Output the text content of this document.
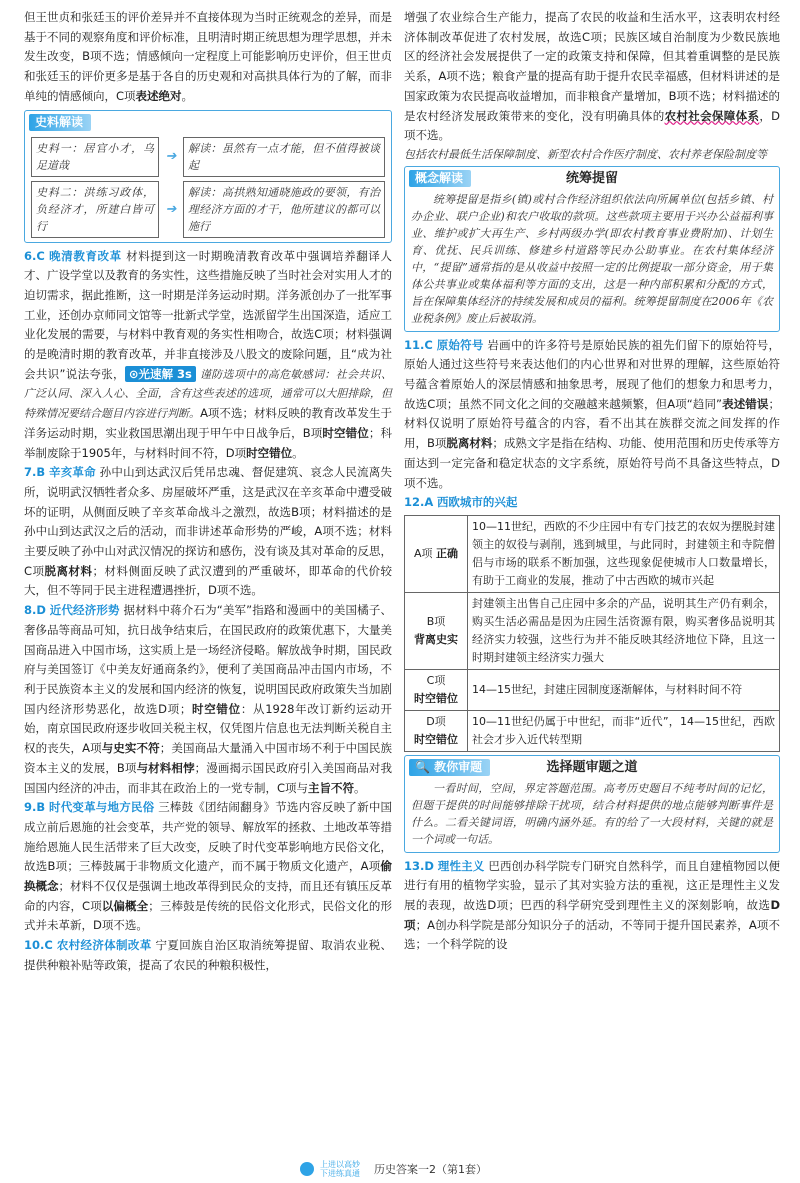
但王世贞和张廷玉的评价差异并不直接体现为当时正统观念的差异，而是基于不同的观察角度和评价标准，且明清时期正统思想为理学思想，并未发生改变，B项不选；情感倾向一定程度上可能影响历史评价，但王世贞和张廷玉的评价更多是基于各自的历史观和对高拱具体行为的了解，而非单纯的情感倾向，C项表述绝对。

史料解读
史料一：居官小才，乌足道哉
➔
解读：虽然有一点才能，但不值得被谈起
史料二：洪练习政体，负经济才，所建白皆可行
➔
解读：高拱熟知通晓施政的要领，有治理经济方面的才干，他所建议的都可以施行

6.C 晚清教育改革 材料提到这一时期晚清教育改革中强调培养翻译人才、广设学堂以及教育的务实性，这些措施反映了当时社会对实用人才的迫切需求，据此推断，这一时期是洋务运动时期。洋务派创办了一批军事工业，还创办京师同文馆等一批新式学堂，选派留学生出国深造，适应工业化发展的需要，与材料中教育观的务实性相吻合，故选C项；材料强调的是晚清时期的教育改革，并非直接涉及八股文的废除问题，且“成为社会共识”说法夸张， ⊙光速解 3s 谨防选项中的高危敏感词：社会共识、广泛认同、深入人心、全面，含有这些表述的选项，通常可以大胆排除，但特殊情况要结合题目内容进行判断。A项不选；材料反映的教育改革发生于洋务运动时期，实业救国思潮出现于甲午中日战争后，B项时空错位；科举制废除于1905年，与材料时间不符，D项时空错位。

7.B 辛亥革命 孙中山到达武汉后凭吊忠魂、督促建筑、哀念人民流离失所，说明武汉牺牲者众多、房屋破坏严重，这是武汉在辛亥革命中遭受破坏的证明，从侧面反映了辛亥革命战斗之激烈，故选B项；材料描述的是孙中山到达武汉之后的活动，而非讲述革命形势的严峻，A项不选；材料主要反映了孙中山对武汉情况的探访和感伤，没有谈及其对革命的反思，C项脱离材料；材料侧面反映了武汉遭到的严重破坏，即革命的代价较大，但不等同于民主进程遭遇挫折，D项不选。

8.D 近代经济形势 据材料中蒋介石为“美军”指路和漫画中的美国橘子、奢侈品等商品可知，抗日战争结束后，在国民政府的政策优惠下，大量美国商品进入中国市场，这实质上是一场经济侵略。解放战争时期，国民政府与美国签订《中美友好通商条约》，便利了美国商品冲击国内市场，不利于民族资本主义的发展和国内经济的恢复，说明国民政府政策失当加剧国内经济形势恶化，故选D项；时空错位：从1928年改订新约运动开始，南京国民政府逐步收回关税主权，仅凭图片信息也无法判断关税自主权的丧失，A项与史实不符；美国商品大量涌入中国市场不利于中国民族资本主义的发展，B项与材料相悖；漫画揭示国民政府引入美国商品对我国国内经济的冲击，而非其在政治上的一党专制，C项与主旨不符。

9.B 时代变革与地方民俗 三棒鼓《团结闹翻身》节选内容反映了新中国成立前后恩施的社会变革，共产党的领导、解放军的拯救、土地改革等措施给恩施人民生活带来了巨大改变，反映了时代变革影响地方民俗文化，故选B项；三棒鼓属于非物质文化遗产，而不属于物质文化遗产，A项偷换概念；材料不仅仅是强调土地改革得到民众的支持，而且还有镇压反革命的内容，C项以偏概全；三棒鼓是传统的民俗文化形式，民俗文化的形式并未革新，D项不选。

10.C 农村经济体制改革 宁夏回族自治区取消统筹提留、取消农业税、提供种粮补贴等政策，提高了农民的种粮积极性，

增强了农业综合生产能力，提高了农民的收益和生活水平，这表明农村经济体制改革促进了农村发展，故选C项；民族区域自治制度为少数民族地区的经济社会发展提供了一定的政策支持和保障，但其着重调整的是民族关系，A项不选；粮食产量的提高有助于提升农民幸福感，但材料讲述的是国家政策为农民提高收益增加，而非粮食产量增加，B项不选；材料描述的是农村经济发展政策带来的变化，没有明确具体的农村社会保障体系，D项不选。

包括农村最低生活保障制度、新型农村合作医疗制度、农村养老保险制度等

概念解读	统筹提留
统筹提留是指乡(镇)或村合作经济组织依法向所属单位(包括乡镇、村办企业、联户企业)和农户收取的款项。这些款项主要用于兴办公益福利事业、维护或扩大再生产、乡村两级办学(即农村教育事业费附加)、计划生育、优抚、民兵训练、修建乡村道路等民办公助事业。在农村集体经济中，“提留”通常指的是从收益中按照一定的比例提取一部分资金，用于集体公共事业或集体福利等方面的支出，这是一种内部积累和分配的方式，旨在保障集体经济的持续发展和成员的福利。统筹提留制度在2006年《农业税条例》废止后被取消。

11.C 原始符号 岩画中的许多符号是原始民族的祖先们留下的原始符号，原始人通过这些符号来表达他们的内心世界和对世界的理解，这些原始符号蕴含着原始人的深层情感和抽象思考，展现了他们的想象力和思考力，故选C项；虽然不同文化之间的交融越来越频繁，但A项“趋同”表述错误；材料仅说明了原始符号蕴含的内容，看不出其在族群交流之间发挥的作用，B项脱离材料；成熟文字是指在结构、功能、使用范围和历史传承等方面达到一定完备和稳定状态的文字系统，原始符号尚不具备这些特点，D项不选。

12.A 西欧城市的兴起

A项 正确	10—11世纪，西欧的不少庄园中有专门技艺的农奴为摆脱封建领主的奴役与剥削，逃到城里，与此同时，封建领主和寺院僧侣与市场的联系不断加强，这些现象促使城市人口数量增长，有助于工商业的发展，推动了中古西欧的城市兴起
B项
背离史实	封建领主出售自己庄园中多余的产品，说明其生产仍有剩余，购买生活必需品是因为庄园生活资源有限，购买奢侈品说明其经济实力较强，这些行为并不能反映其经济地位下降，且这一时期封建领主经济实力强大
C项
时空错位	14—15世纪，封建庄园制度逐渐解体，与材料时间不符
D项
时空错位	10—11世纪仍属于中世纪，而非“近代”，14—15世纪，西欧社会才步入近代转型期
🔍 教你审题	选择题审题之道
一看时间，空间，界定答题范围。高考历史题目不纯考时间的记忆，但题干提供的时间能够排除干扰项，结合材料提供的地点能够判断事件是什么。二看关键词语，明确内涵外延。有的给了一大段材料，关键的就是一个词或一句话。

13.D 理性主义 巴西创办科学院专门研究自然科学，而且自建植物园以便进行有用的植物学实验，显示了其对实验方法的重视，这正是理性主义发展的表现，故选D项；巴西的科学研究受到理性主义的深刻影响，故选D项；A创办科学院是部分知识分子的活动，不等同于提升国民素养，A项不选；一个科学院的设

上进以高妙 下进练真通	历史答案一2（第1套）
